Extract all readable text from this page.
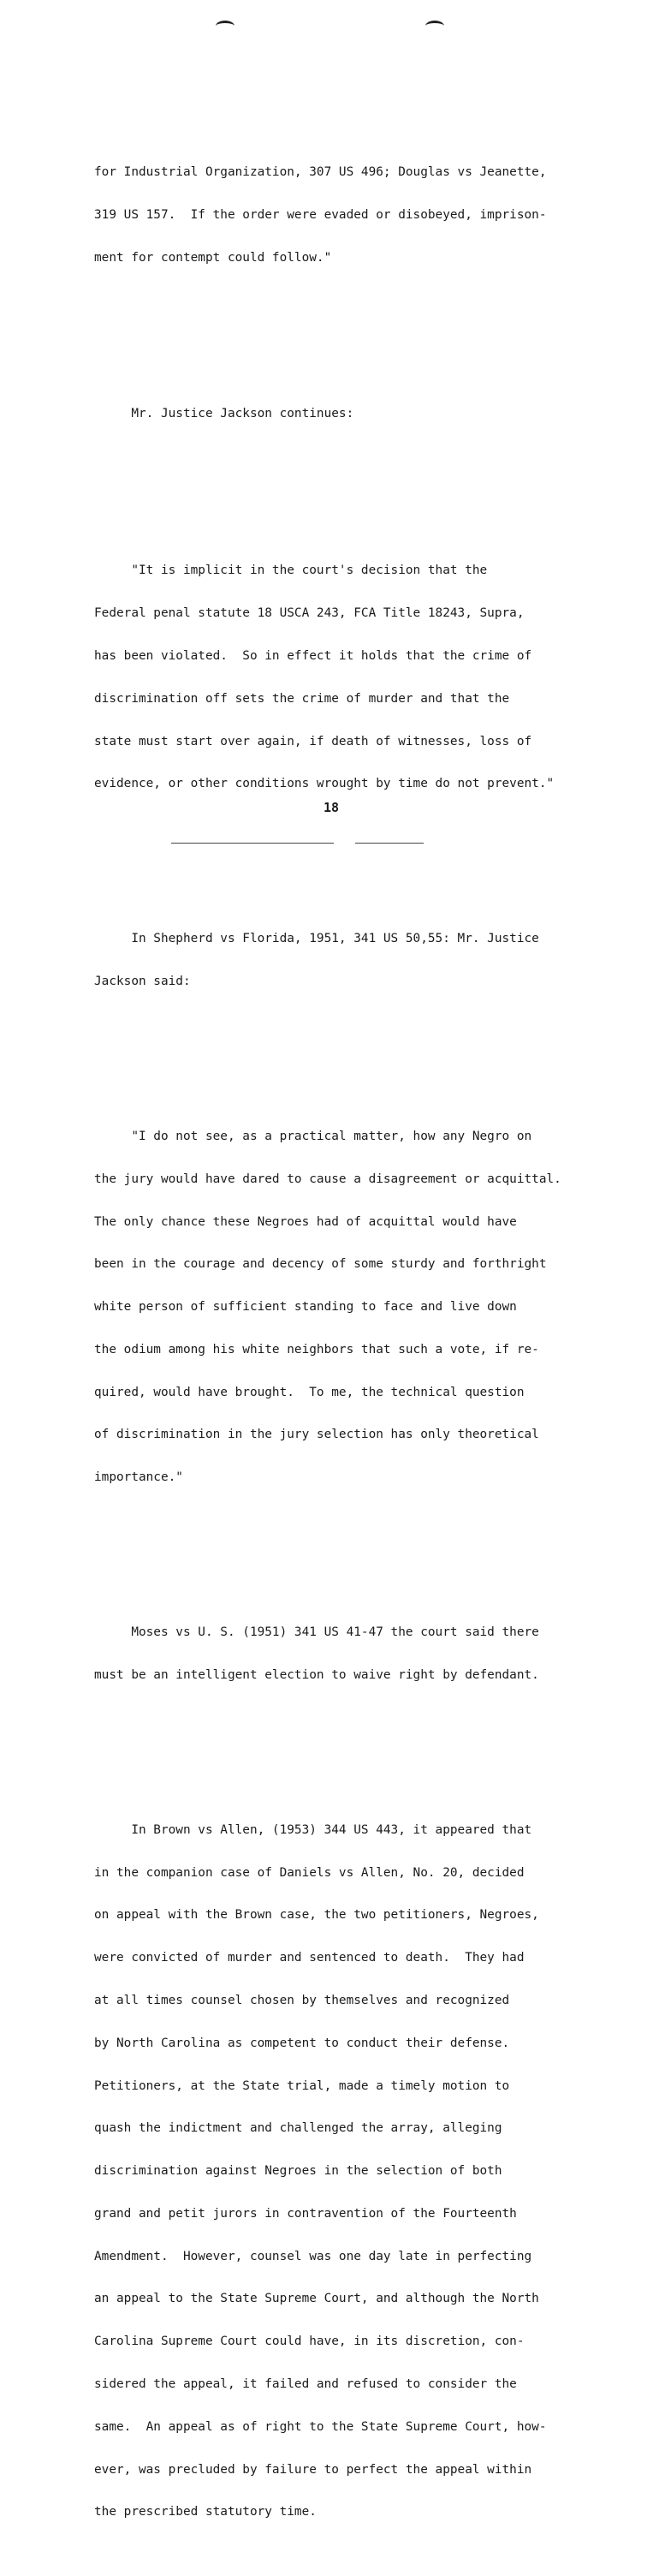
for Industrial Organization, 307 US 496; Douglas vs Jeanette,

319 US 157.  If the order were evaded or disobeyed, imprison-

ment for contempt could follow."

Mr. Justice Jackson continues:

"It is implicit in the court's decision that the

Federal penal statute 18 USCA 243, FCA Title 18243, Supra,

has been violated.  So in effect it holds that the crime of

discrimination off sets the crime of murder and that the

state must start over again, if death of witnesses, loss of

evidence, or other conditions wrought by time do not prevent."

In Shepherd vs Florida, 1951, 341 US 50,55: Mr. Justice

Jackson said:

"I do not see, as a practical matter, how any Negro on

the jury would have dared to cause a disagreement or acquittal.

The only chance these Negroes had of acquittal would have

been in the courage and decency of some sturdy and forthright

white person of sufficient standing to face and live down

the odium among his white neighbors that such a vote, if re-

quired, would have brought.  To me, the technical question

of discrimination in the jury selection has only theoretical

importance."

Moses vs U. S. (1951) 341 US 41-47 the court said there

must be an intelligent election to waive right by defendant.

In Brown vs Allen, (1953) 344 US 443, it appeared that

in the companion case of Daniels vs Allen, No. 20, decided

on appeal with the Brown case, the two petitioners, Negroes,

were convicted of murder and sentenced to death.  They had

at all times counsel chosen by themselves and recognized

by North Carolina as competent to conduct their defense.

Petitioners, at the State trial, made a timely motion to

quash the indictment and challenged the array, alleging

discrimination against Negroes in the selection of both

grand and petit jurors in contravention of the Fourteenth

Amendment.  However, counsel was one day late in perfecting

an appeal to the State Supreme Court, and although the North

Carolina Supreme Court could have, in its discretion, con-

sidered the appeal, it failed and refused to consider the

same.  An appeal as of right to the State Supreme Court, how-

ever, was precluded by failure to perfect the appeal within

the prescribed statutory time.

18
